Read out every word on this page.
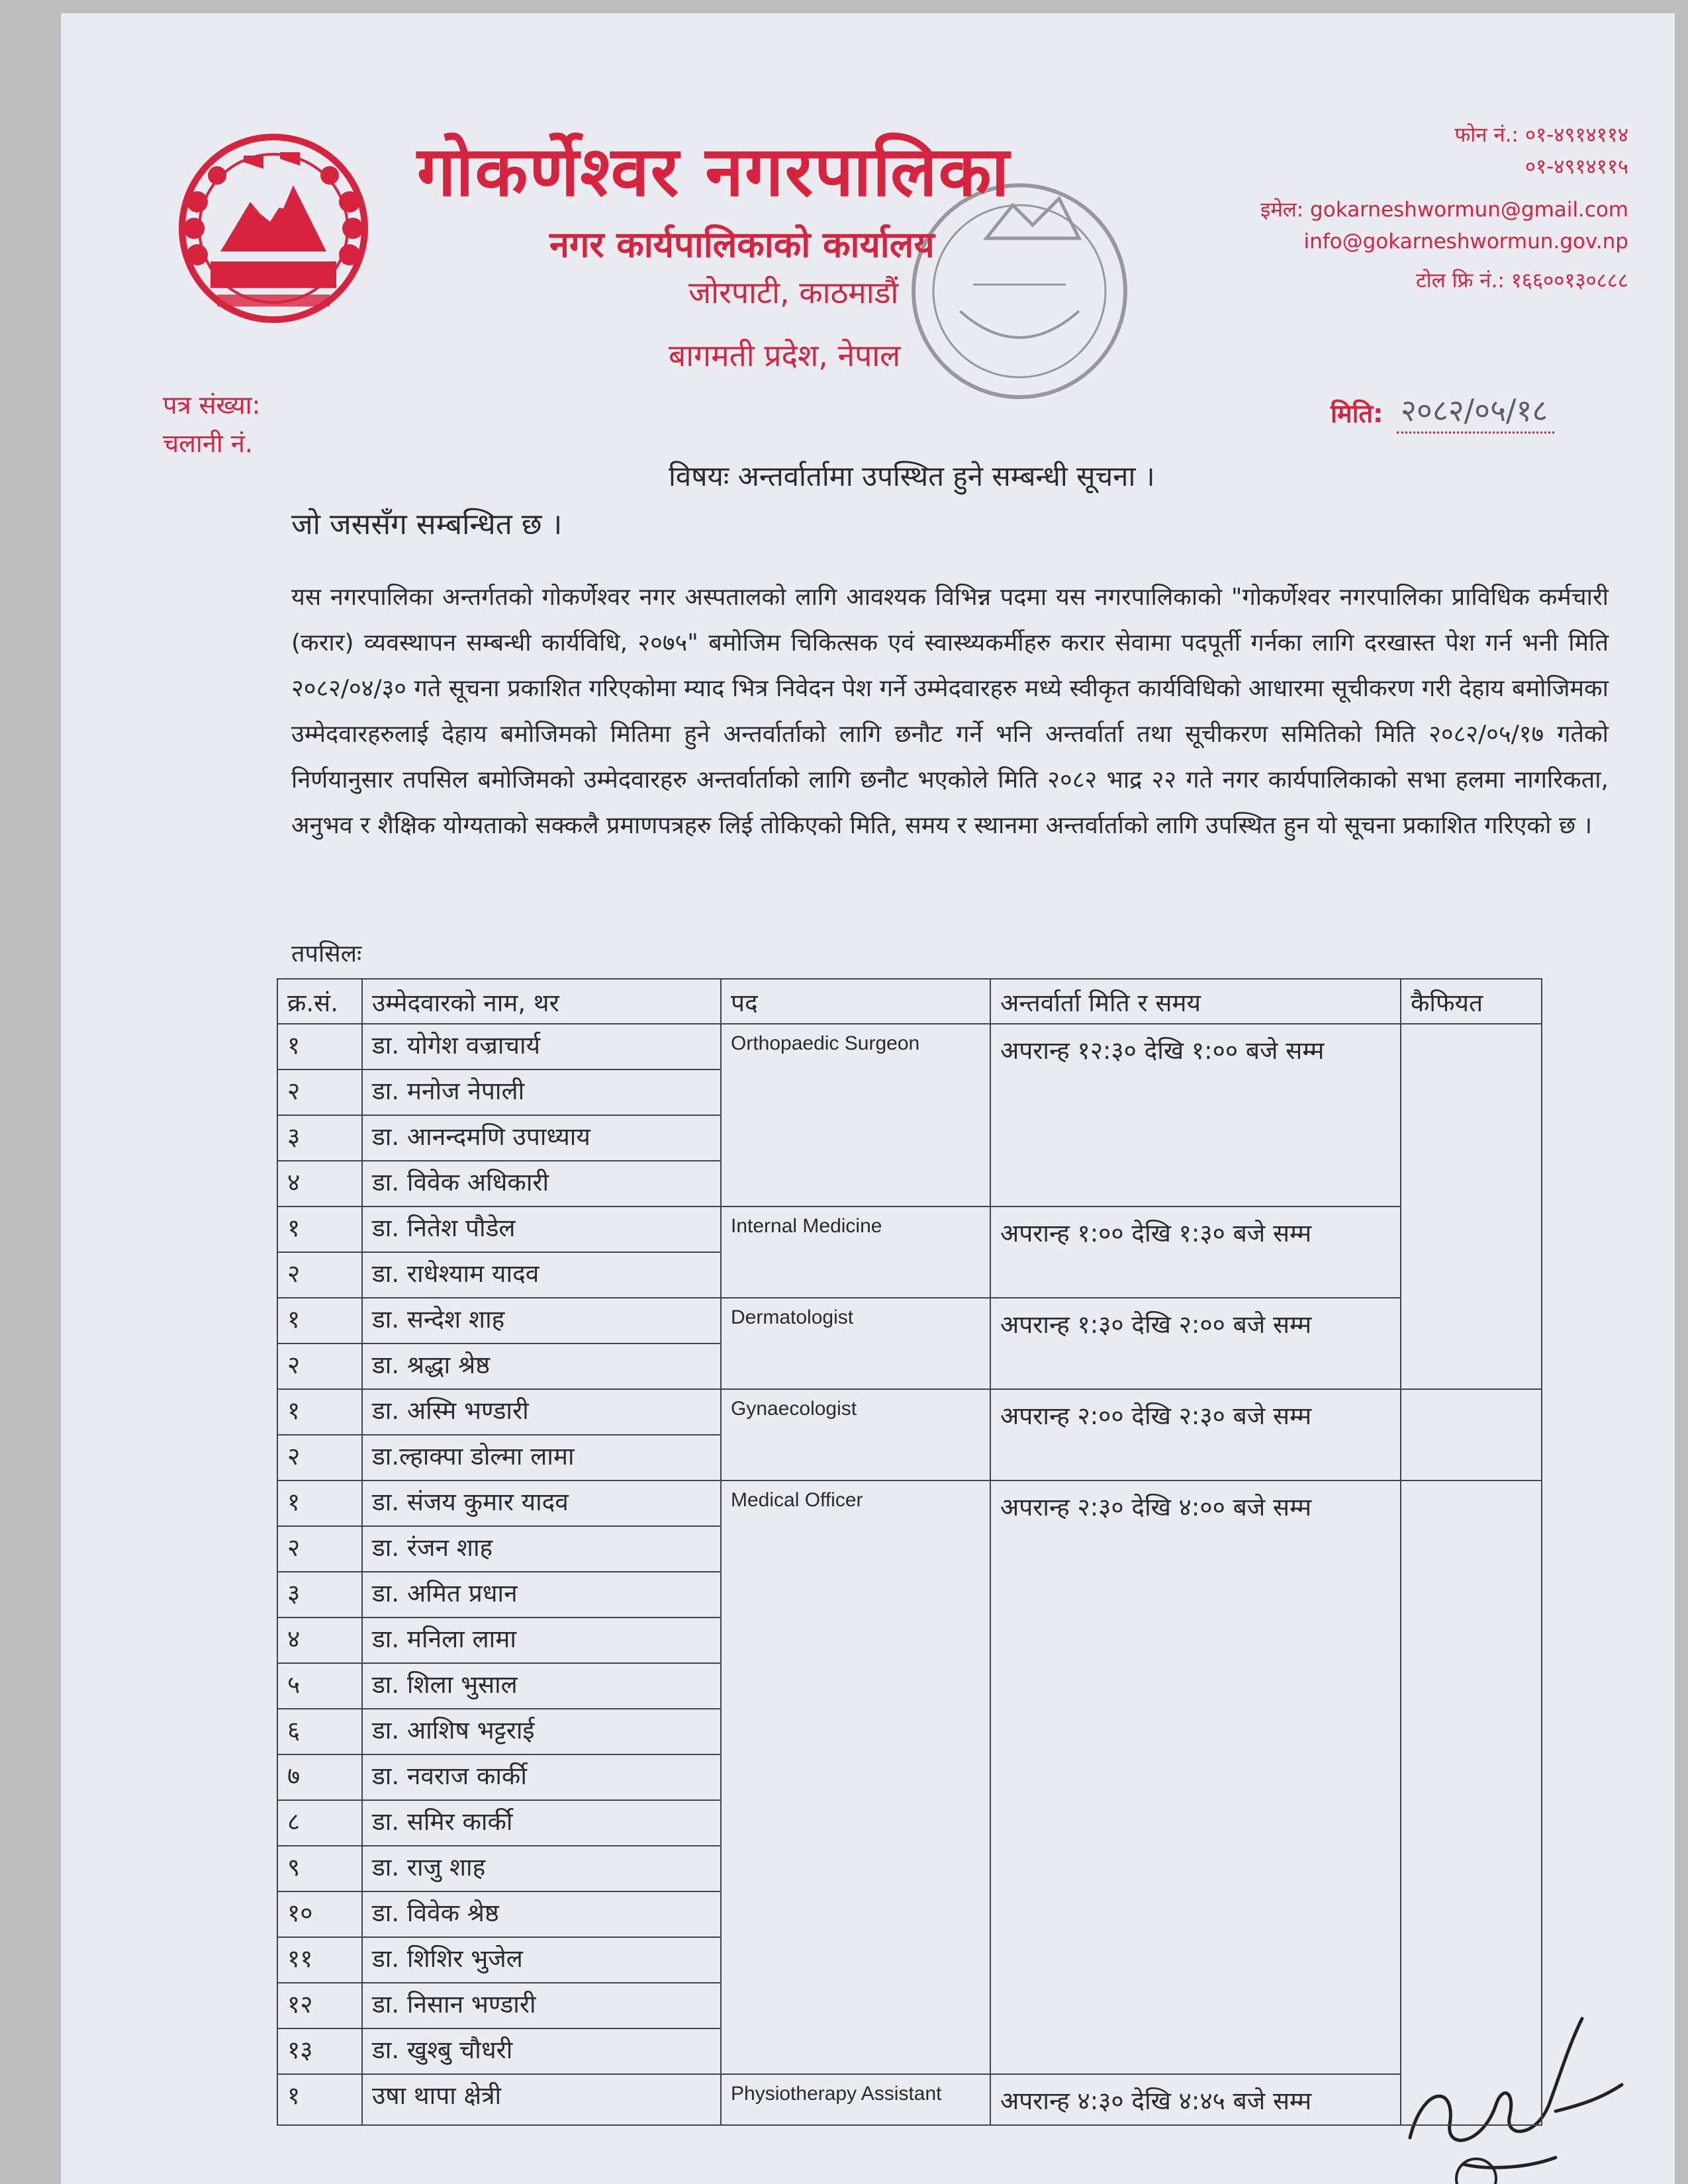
गोकर्णेश्वर नगरपालिका
नगर कार्यपालिकाको कार्यालय
जोरपाटी, काठमाडौं
बागमती प्रदेश, नेपाल
फोन नं.: ०१-४९१४११४
०१-४९१४११५
इमेल: gokarneshwormun@gmail.com
info@gokarneshwormun.gov.np
टोल फ्रि नं.: १६६००१३०८८८
पत्र संख्या:
चलानी नं.
मिति: २०८२/०५/१८
विषयः अन्तर्वार्तामा उपस्थित हुने सम्बन्धी सूचना ।
जो जससँग सम्बन्धित छ ।
यस नगरपालिका अन्तर्गतको गोकर्णेश्वर नगर अस्पतालको लागि आवश्यक विभिन्न पदमा यस नगरपालिकाको "गोकर्णेश्वर नगरपालिका प्राविधिक कर्मचारी (करार) व्यवस्थापन सम्बन्धी कार्यविधि, २०७५" बमोजिम चिकित्सक एवं स्वास्थ्यकर्मीहरु करार सेवामा पदपूर्ती गर्नका लागि दरखास्त पेश गर्न भनी मिति २०८२/०४/३० गते सूचना प्रकाशित गरिएकोमा म्याद भित्र निवेदन पेश गर्ने उम्मेदवारहरु मध्ये स्वीकृत कार्यविधिको आधारमा सूचीकरण गरी देहाय बमोजिमका उम्मेदवारहरुलाई देहाय बमोजिमको मितिमा हुने अन्तर्वार्ताको लागि छनौट गर्ने भनि अन्तर्वार्ता तथा सूचीकरण समितिको मिति २०८२/०५/१७ गतेको निर्णयानुसार तपसिल बमोजिमको उम्मेदवारहरु अन्तर्वार्ताको लागि छनौट भएकोले मिति २०८२ भाद्र २२ गते नगर कार्यपालिकाको सभा हलमा नागरिकता, अनुभव र शैक्षिक योग्यताको सक्कलै प्रमाणपत्रहरु लिई तोकिएको मिति, समय र स्थानमा अन्तर्वार्ताको लागि उपस्थित हुन यो सूचना प्रकाशित गरिएको छ ।
तपसिलः
क्र.सं.	उम्मेदवारको नाम, थर	पद	अन्तर्वार्ता मिति र समय	कैफियत
१	डा. योगेश वज्राचार्य	Orthopaedic Surgeon	अपरान्ह १२:३० देखि १:०० बजे सम्म	
२	डा. मनोज नेपाली			
३	डा. आनन्दमणि उपाध्याय			
४	डा. विवेक अधिकारी			
१	डा. नितेश पौडेल	Internal Medicine	अपरान्ह १:०० देखि १:३० बजे सम्म	
२	डा. राधेश्याम यादव			
१	डा. सन्देश शाह	Dermatologist	अपरान्ह १:३० देखि २:०० बजे सम्म	
२	डा. श्रद्धा श्रेष्ठ			
१	डा. अस्मि भण्डारी	Gynaecologist	अपरान्ह २:०० देखि २:३० बजे सम्म	
२	डा.ल्हाक्पा डोल्मा लामा			
१	डा. संजय कुमार यादव	Medical Officer	अपरान्ह २:३० देखि ४:०० बजे सम्म	
२	डा. रंजन शाह			
३	डा. अमित प्रधान			
४	डा. मनिला लामा			
५	डा. शिला भुसाल			
६	डा. आशिष भट्टराई			
७	डा. नवराज कार्की			
८	डा. समिर कार्की			
९	डा. राजु शाह			
१०	डा. विवेक श्रेष्ठ			
११	डा. शिशिर भुजेल			
१२	डा. निसान भण्डारी			
१३	डा. खुश्बु चौधरी			
१	उषा थापा क्षेत्री	Physiotherapy Assistant	अपरान्ह ४:३० देखि ४:४५ बजे सम्म	
